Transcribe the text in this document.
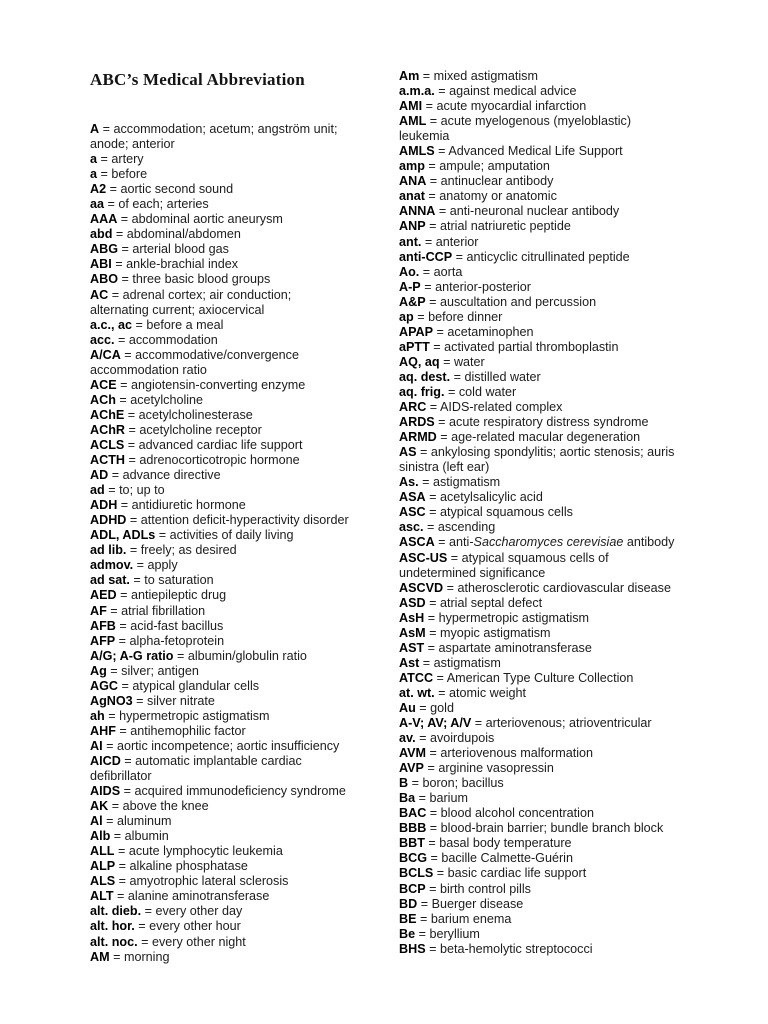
ABC’s Medical Abbreviation
A = accommodation; acetum; angström unit; anode; anterior
a = artery
a = before
A2 = aortic second sound
aa = of each; arteries
AAA = abdominal aortic aneurysm
abd = abdominal/abdomen
ABG = arterial blood gas
ABI = ankle-brachial index
ABO = three basic blood groups
AC = adrenal cortex; air conduction; alternating current; axiocervical
a.c., ac = before a meal
acc. = accommodation
A/CA = accommodative/convergence accommodation ratio
ACE = angiotensin-converting enzyme
ACh = acetylcholine
AChE = acetylcholinesterase
AChR = acetylcholine receptor
ACLS = advanced cardiac life support
ACTH = adrenocorticotropic hormone
AD = advance directive
ad = to; up to
ADH = antidiuretic hormone
ADHD = attention deficit-hyperactivity disorder
ADL, ADLs = activities of daily living
ad lib. = freely; as desired
admov. = apply
ad sat. = to saturation
AED = antiepileptic drug
AF = atrial fibrillation
AFB = acid-fast bacillus
AFP = alpha-fetoprotein
A/G; A-G ratio = albumin/globulin ratio
Ag = silver; antigen
AGC = atypical glandular cells
AgNO3 = silver nitrate
ah = hypermetropic astigmatism
AHF = antihemophilic factor
AI = aortic incompetence; aortic insufficiency
AICD = automatic implantable cardiac defibrillator
AIDS = acquired immunodeficiency syndrome
AK = above the knee
Al = aluminum
Alb = albumin
ALL = acute lymphocytic leukemia
ALP = alkaline phosphatase
ALS = amyotrophic lateral sclerosis
ALT = alanine aminotransferase
alt. dieb. = every other day
alt. hor. = every other hour
alt. noc. = every other night
AM = morning
Am = mixed astigmatism
a.m.a. = against medical advice
AMI = acute myocardial infarction
AML = acute myelogenous (myeloblastic) leukemia
AMLS = Advanced Medical Life Support
amp = ampule; amputation
ANA = antinuclear antibody
anat = anatomy or anatomic
ANNA = anti-neuronal nuclear antibody
ANP = atrial natriuretic peptide
ant. = anterior
anti-CCP = anticyclic citrullinated peptide
Ao. = aorta
A-P = anterior-posterior
A&P = auscultation and percussion
ap = before dinner
APAP = acetaminophen
aPTT = activated partial thromboplastin
AQ, aq = water
aq. dest. = distilled water
aq. frig. = cold water
ARC = AIDS-related complex
ARDS = acute respiratory distress syndrome
ARMD = age-related macular degeneration
AS = ankylosing spondylitis; aortic stenosis; auris sinistra (left ear)
As. = astigmatism
ASA = acetylsalicylic acid
ASC = atypical squamous cells
asc. = ascending
ASCA = anti-Saccharomyces cerevisiae antibody
ASC-US = atypical squamous cells of undetermined significance
ASCVD = atherosclerotic cardiovascular disease
ASD = atrial septal defect
AsH = hypermetropic astigmatism
AsM = myopic astigmatism
AST = aspartate aminotransferase
Ast = astigmatism
ATCC = American Type Culture Collection
at. wt. = atomic weight
Au = gold
A-V; AV; A/V = arteriovenous; atrioventricular
av. = avoirdupois
AVM = arteriovenous malformation
AVP = arginine vasopressin
B = boron; bacillus
Ba = barium
BAC = blood alcohol concentration
BBB = blood-brain barrier; bundle branch block
BBT = basal body temperature
BCG = bacille Calmette-Guérin
BCLS = basic cardiac life support
BCP = birth control pills
BD = Buerger disease
BE = barium enema
Be = beryllium
BHS = beta-hemolytic streptococci
